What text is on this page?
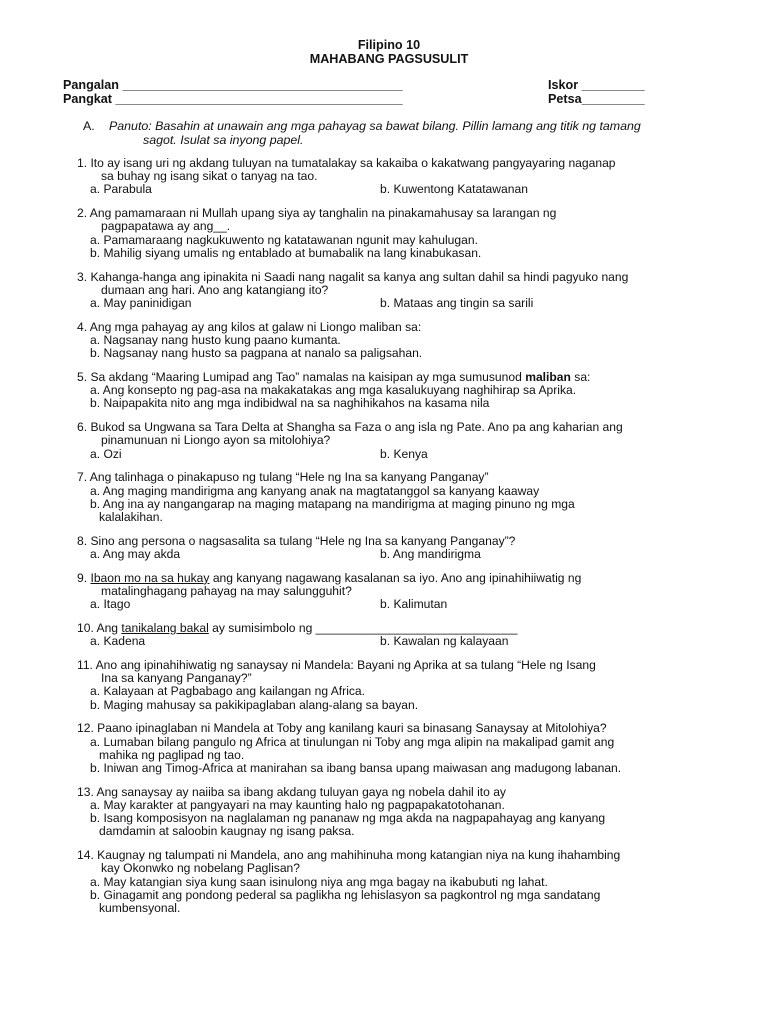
Filipino 10
MAHABANG PAGSUSULIT
Pangalan ________________________________________
Pangkat _________________________________________
Iskor _________
Petsa_________
A. Panuto: Basahin at unawain ang mga pahayag sa bawat bilang. Pillin lamang ang titik ng tamang
sagot. Isulat sa inyong papel.
1. Ito ay isang uri ng akdang tuluyan na tumatalakay sa kakaiba o kakatwang pangyayaring naganap
sa buhay ng isang sikat o tanyag na tao.
a. Parabula	b. Kuwentong Katatawanan
2. Ang pamamaraan ni Mullah upang siya ay tanghalin na pinakamahusay sa larangan ng
pagpapatawa ay ang__.
a. Pamamaraang nagkukuwento ng katatawanan ngunit may kahulugan.
b. Mahilig siyang umalis ng entablado at bumabalik na lang kinabukasan.
3. Kahanga-hanga ang ipinakita ni Saadi nang nagalit sa kanya ang sultan dahil sa hindi pagyuko nang
dumaan ang hari. Ano ang katangiang ito?
a. May paninidigan	b. Mataas ang tingin sa sarili
4. Ang mga pahayag ay ang kilos at galaw ni Liongo maliban sa:
a. Nagsanay nang husto kung paano kumanta.
b. Nagsanay nang husto sa pagpana at nanalo sa paligsahan.
5. Sa akdang “Maaring Lumipad ang Tao” namalas na kaisipan ay mga sumusunod maliban sa:
a. Ang konsepto ng pag-asa na makakatakas ang mga kasalukuyang naghihirap sa Aprika.
b. Naipapakita nito ang mga indibidwal na sa naghihikahos na kasama nila
6. Bukod sa Ungwana sa Tara Delta at Shangha sa Faza o ang isla ng Pate. Ano pa ang kaharian ang
pinamunuan ni Liongo ayon sa mitolohiya?
a. Ozi	b. Kenya
7. Ang talinhaga o pinakapuso ng tulang “Hele ng Ina sa kanyang Panganay”
a. Ang maging mandirigma ang kanyang anak na magtatanggol sa kanyang kaaway
b. Ang ina ay nangangarap na maging matapang na mandirigma at maging pinuno ng mga
kalalakihan.
8. Sino ang persona o nagsasalita sa tulang “Hele ng Ina sa kanyang Panganay”?
a. Ang may akda	b. Ang mandirigma
9. Ibaon mo na sa hukay ang kanyang nagawang kasalanan sa iyo. Ano ang ipinahihiiwatig ng
matalinghagang pahayag na may salungguhit?
a. Itago	b. Kalimutan
10. Ang tanikalang bakal ay sumisimbolo ng ______________________________
a. Kadena	b. Kawalan ng kalayaan
11. Ano ang ipinahihiwatig ng sanaysay ni Mandela: Bayani ng Aprika at sa tulang “Hele ng Isang
Ina sa kanyang Panganay?”
a. Kalayaan at Pagbabago ang kailangan ng Africa.
b. Maging mahusay sa pakikipaglaban alang-alang sa bayan.
12. Paano ipinaglaban ni Mandela at Toby ang kanilang kauri sa binasang Sanaysay at Mitolohiya?
a. Lumaban bilang pangulo ng Africa at tinulungan ni Toby ang mga alipin na makalipad gamit ang
mahika ng paglipad ng tao.
b. Iniwan ang Timog-Africa at manirahan sa ibang bansa upang maiwasan ang madugong labanan.
13. Ang sanaysay ay naiiba sa ibang akdang tuluyan gaya ng nobela dahil ito ay
a. May karakter at pangyayari na may kaunting halo ng pagpapakatotohanan.
b. Isang komposisyon na naglalaman ng pananaw ng mga akda na nagpapahayag ang kanyang
damdamin at saloobin kaugnay ng isang paksa.
14. Kaugnay ng talumpati ni Mandela, ano ang mahihinuha mong katangian niya na kung ihahambing
kay Okonwko ng nobelang Paglisan?
a. May katangian siya kung saan isinulong niya ang mga bagay na ikabubuti ng lahat.
b. Ginagamit ang pondong pederal sa paglikha ng lehislasyon sa pagkontrol ng mga sandatang
kumbensyonal.
